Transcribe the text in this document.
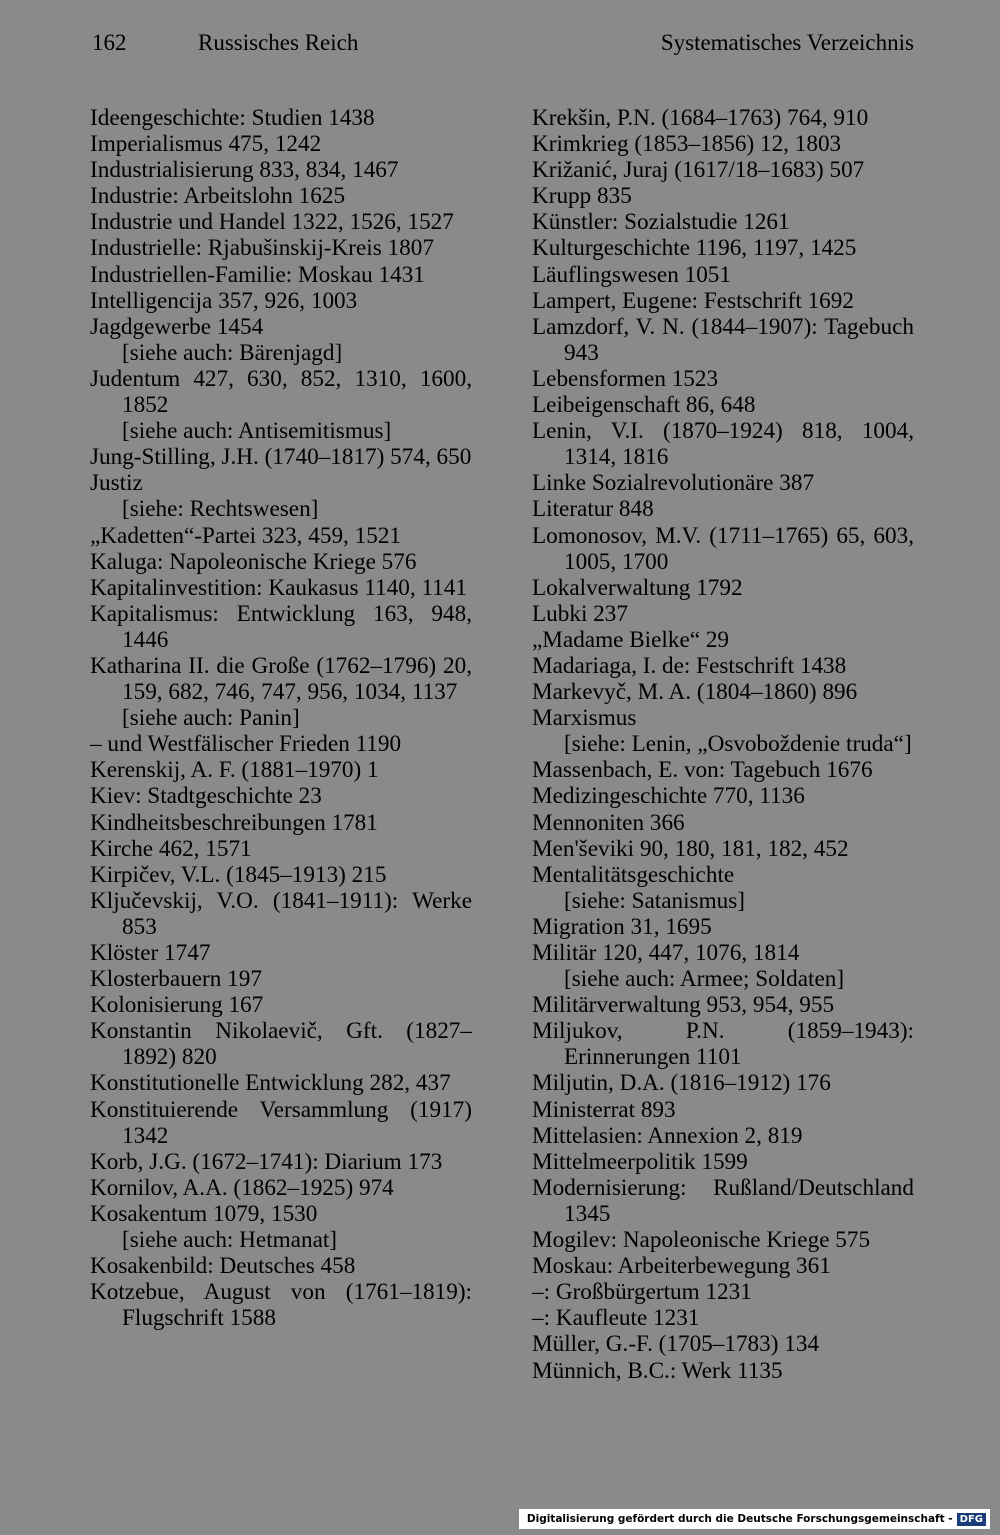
162	Russisches Reich	Systematisches Verzeichnis

Ideengeschichte: Studien 1438

Imperialismus 475, 1242

Industrialisierung 833, 834, 1467

Industrie: Arbeitslohn 1625

Industrie und Handel 1322, 1526, 1527

Industrielle: Rjabušinskij-Kreis 1807

Industriellen-Familie: Moskau 1431

Intelligencija 357, 926, 1003

Jagdgewerbe 1454

[siehe auch: Bärenjagd]

Judentum 427, 630, 852, 1310, 1600, 1852

[siehe auch: Antisemitismus]

Jung-Stilling, J.H. (1740–1817) 574, 650

Justiz

[siehe: Rechtswesen]

„Kadetten“-Partei 323, 459, 1521

Kaluga: Napoleonische Kriege 576

Kapitalinvestition: Kaukasus 1140, 1141

Kapitalismus: Entwicklung 163, 948, 1446

Katharina II. die Große (1762–1796) 20, 159, 682, 746, 747, 956, 1034, 1137

[siehe auch: Panin]

– und Westfälischer Frieden 1190

Kerenskij, A. F. (1881–1970) 1

Kiev: Stadtgeschichte 23

Kindheitsbeschreibungen 1781

Kirche 462, 1571

Kirpičev, V.L. (1845–1913) 215

Ključevskij, V.O. (1841–1911): Werke 853

Klöster 1747

Klosterbauern 197

Kolonisierung 167

Konstantin Nikolaevič, Gft. (1827–1892) 820

Konstitutionelle Entwicklung 282, 437

Konstituierende Versammlung (1917) 1342

Korb, J.G. (1672–1741): Diarium 173

Kornilov, A.A. (1862–1925) 974

Kosakentum 1079, 1530

[siehe auch: Hetmanat]

Kosakenbild: Deutsches 458

Kotzebue, August von (1761–1819): Flugschrift 1588

Krekšin, P.N. (1684–1763) 764, 910

Krimkrieg (1853–1856) 12, 1803

Križanić, Juraj (1617/18–1683) 507

Krupp 835

Künstler: Sozialstudie 1261

Kulturgeschichte 1196, 1197, 1425

Läuflingswesen 1051

Lampert, Eugene: Festschrift 1692

Lamzdorf, V. N. (1844–1907): Tagebuch 943

Lebensformen 1523

Leibeigenschaft 86, 648

Lenin, V.I. (1870–1924) 818, 1004, 1314, 1816

Linke Sozialrevolutionäre 387

Literatur 848

Lomonosov, M.V. (1711–1765) 65, 603, 1005, 1700

Lokalverwaltung 1792

Lubki 237

„Madame Bielke“ 29

Madariaga, I. de: Festschrift 1438

Markevyč, M. A. (1804–1860) 896

Marxismus

[siehe: Lenin, „Osvoboždenie truda“]

Massenbach, E. von: Tagebuch 1676

Medizingeschichte 770, 1136

Mennoniten 366

Men'ševiki 90, 180, 181, 182, 452

Mentalitätsgeschichte

[siehe: Satanismus]

Migration 31, 1695

Militär 120, 447, 1076, 1814

[siehe auch: Armee; Soldaten]

Militärverwaltung 953, 954, 955

Miljukov, P.N. (1859–1943): Erinnerungen 1101

Miljutin, D.A. (1816–1912) 176

Ministerrat 893

Mittelasien: Annexion 2, 819

Mittelmeerpolitik 1599

Modernisierung: Rußland/Deutschland 1345

Mogilev: Napoleonische Kriege 575

Moskau: Arbeiterbewegung 361

–: Großbürgertum 1231

–: Kaufleute 1231

Müller, G.-F. (1705–1783) 134

Münnich, B.C.: Werk 1135

Digitalisierung gefördert durch die Deutsche Forschungsgemeinschaft - DFG
